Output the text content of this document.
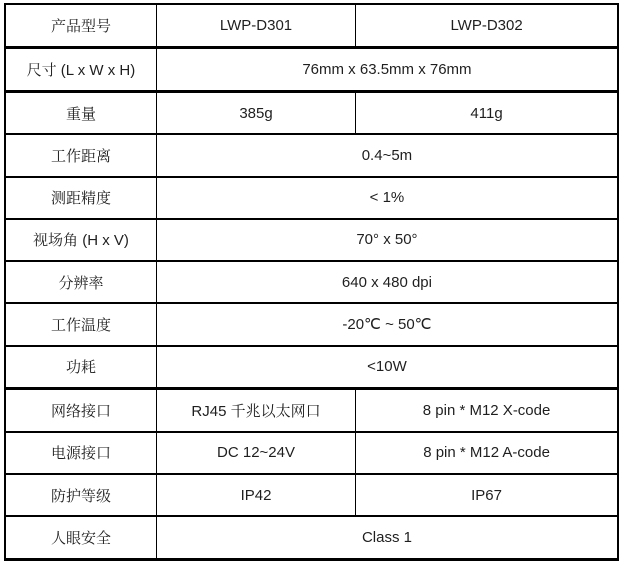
产品型号	LWP-D301	LWP-D302
尺寸 (L x W x H)	76mm x 63.5mm x 76mm	
重量	385g	411g
工作距离	0.4~5m	
测距精度	< 1%	
视场角 (H x V)	70° x 50°	
分辨率	640 x 480 dpi	
工作温度	-20℃ ~ 50℃	
功耗	<10W	
网络接口	RJ45 千兆以太网口	8 pin * M12 X-code
电源接口	DC 12~24V	8 pin * M12 A-code
防护等级	IP42	IP67
人眼安全	Class 1	
